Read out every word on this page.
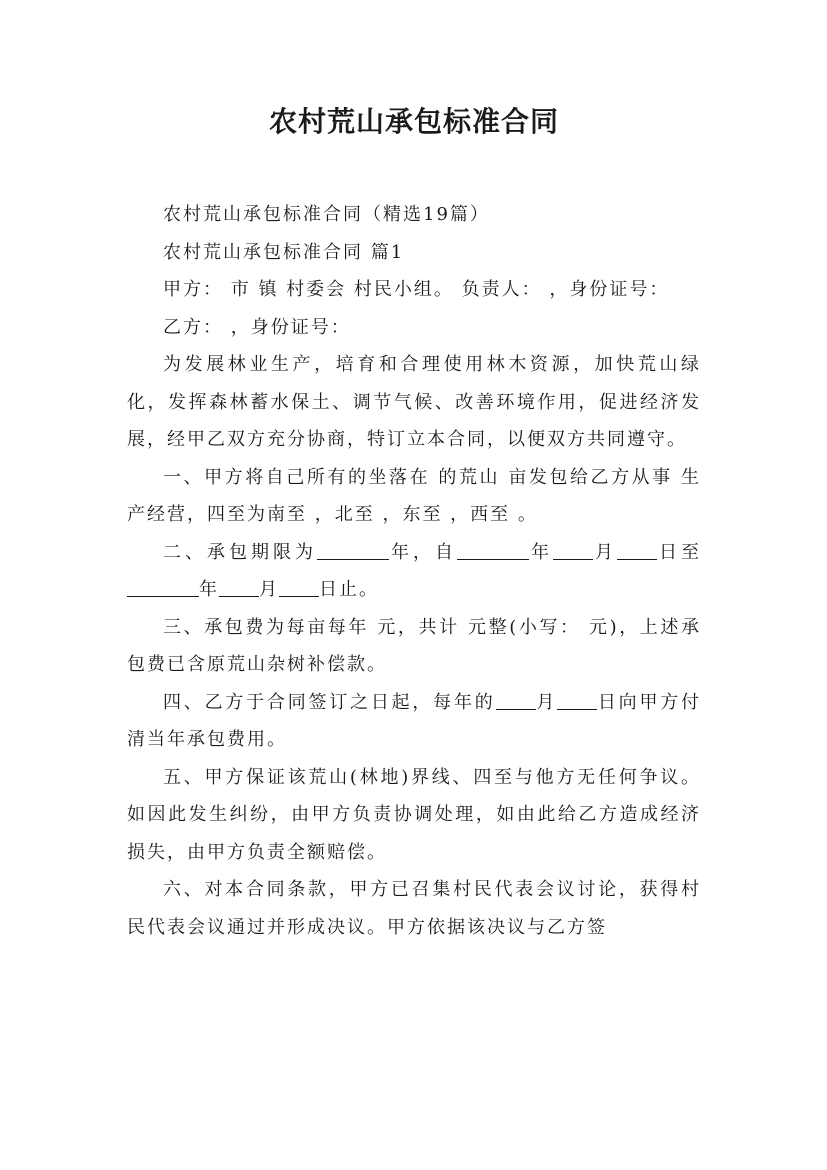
农村荒山承包标准合同

农村荒山承包标准合同（精选19篇）

农村荒山承包标准合同 篇1

甲方： 市 镇 村委会 村民小组。 负责人： ，身份证号：

乙方： ，身份证号：

为发展林业生产，培育和合理使用林木资源，加快荒山绿化，发挥森林蓄水保土、调节气候、改善环境作用，促进经济发展，经甲乙双方充分协商，特订立本合同，以便双方共同遵守。

一、甲方将自己所有的坐落在 的荒山 亩发包给乙方从事 生产经营，四至为南至 ，北至 ，东至 ，西至 。

二、承包期限为	年，自	年 月 日至年 月 日止。

三、承包费为每亩每年 元，共计 元整(小写： 元)，上述承包费已含原荒山杂树补偿款。

四、乙方于合同签订之日起，每年的 月 日向甲方付清当年承包费用。

五、甲方保证该荒山(林地)界线、四至与他方无任何争议。如因此发生纠纷，由甲方负责协调处理，如由此给乙方造成经济损失，由甲方负责全额赔偿。

六、对本合同条款，甲方已召集村民代表会议讨论，获得村民代表会议通过并形成决议。甲方依据该决议与乙方签
